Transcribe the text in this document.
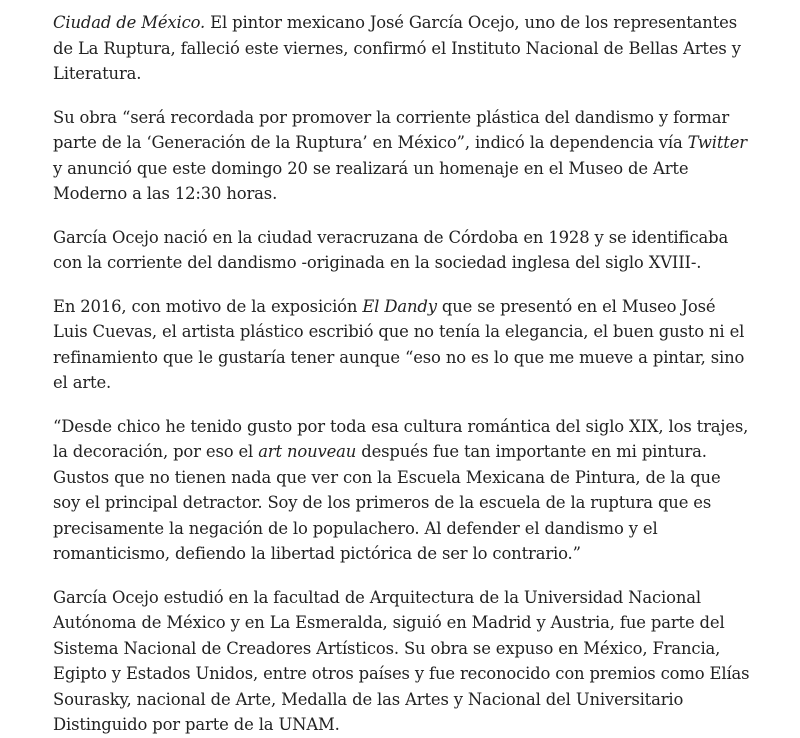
Ciudad de México. El pintor mexicano José García Ocejo, uno de los representantes de La Ruptura, falleció este viernes, confirmó el Instituto Nacional de Bellas Artes y Literatura.

Su obra “será recordada por promover la corriente plástica del dandismo y formar parte de la ‘Generación de la Ruptura’ en México”, indicó la dependencia vía Twitter y anunció que este domingo 20 se realizará un homenaje en el Museo de Arte Moderno a las 12:30 horas.

García Ocejo nació en la ciudad veracruzana de Córdoba en 1928 y se identificaba con la corriente del dandismo -originada en la sociedad inglesa del siglo XVIII-.

En 2016, con motivo de la exposición El Dandy que se presentó en el Museo José Luis Cuevas, el artista plástico escribió que no tenía la elegancia, el buen gusto ni el refinamiento que le gustaría tener aunque “eso no es lo que me mueve a pintar, sino el arte.

“Desde chico he tenido gusto por toda esa cultura romántica del siglo XIX, los trajes, la decoración, por eso el art nouveau después fue tan importante en mi pintura. Gustos que no tienen nada que ver con la Escuela Mexicana de Pintura, de la que soy el principal detractor. Soy de los primeros de la escuela de la ruptura que es precisamente la negación de lo populachero. Al defender el dandismo y el romanticismo, defiendo la libertad pictórica de ser lo contrario.”

García Ocejo estudió en la facultad de Arquitectura de la Universidad Nacional Autónoma de México y en La Esmeralda, siguió en Madrid y Austria, fue parte del Sistema Nacional de Creadores Artísticos. Su obra se expuso en México, Francia, Egipto y Estados Unidos, entre otros países y fue reconocido con premios como Elías Sourasky, nacional de Arte, Medalla de las Artes y Nacional del Universitario Distinguido por parte de la UNAM.
